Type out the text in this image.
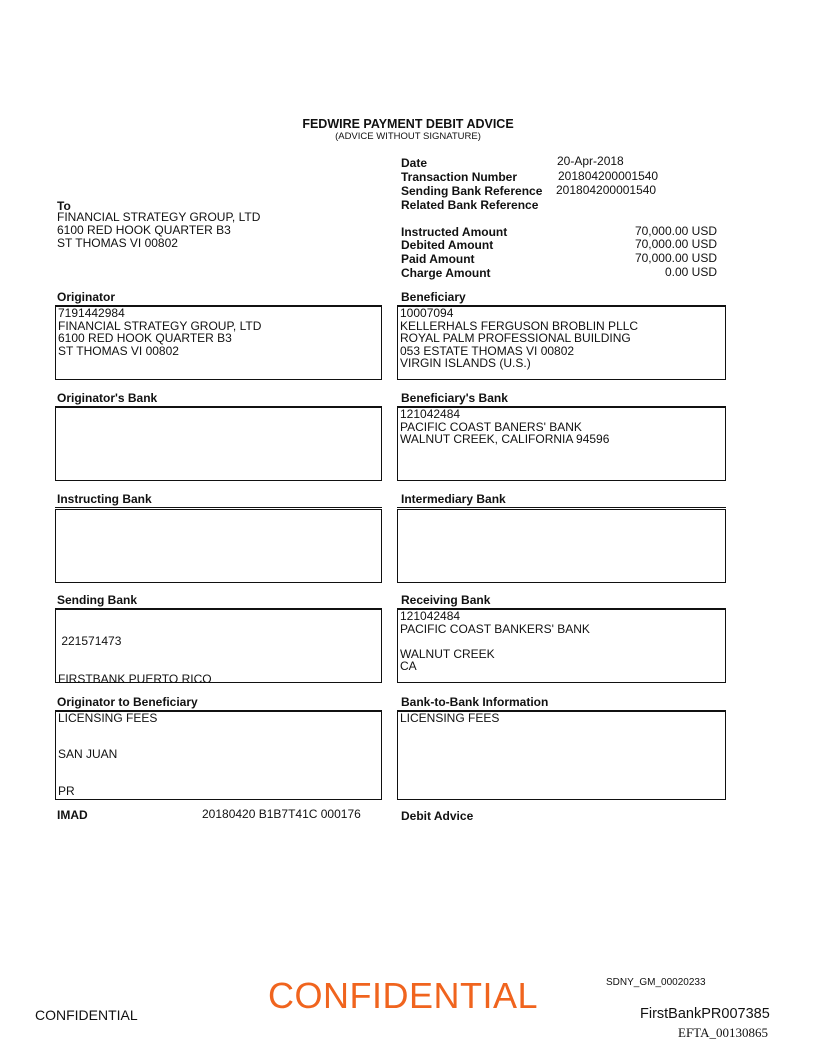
FEDWIRE PAYMENT DEBIT ADVICE
(ADVICE WITHOUT SIGNATURE)
To
FINANCIAL STRATEGY GROUP, LTD
6100 RED HOOK QUARTER B3
ST THOMAS VI 00802
Date	20-Apr-2018
Transaction Number	201804200001540
Sending Bank Reference 201804200001540
Related Bank Reference
Instructed Amount	70,000.00 USD
Debited Amount	70,000.00 USD
Paid Amount	70,000.00 USD
Charge Amount	0.00 USD
Originator
7191442984
FINANCIAL STRATEGY GROUP, LTD
6100 RED HOOK QUARTER B3
ST THOMAS VI 00802
Beneficiary
10007094
KELLERHALS FERGUSON BROBLIN PLLC
ROYAL PALM PROFESSIONAL BUILDING
053 ESTATE THOMAS VI 00802
VIRGIN ISLANDS (U.S.)
Originator's Bank	Beneficiary's Bank
121042484
PACIFIC COAST BANERS' BANK
WALNUT CREEK, CALIFORNIA 94596
Instructing Bank	Intermediary Bank
Sending Bank

221571473

FIRSTBANK PUERTO RICO

SAN JUAN

PR

Receiving Bank
121042484
PACIFIC COAST BANKERS' BANK
WALNUT CREEK
CA
Originator to Beneficiary
LICENSING FEES
Bank-to-Bank Information
LICENSING FEES
IMAD	20180420 B1B7T41C 000176	Debit Advice
CONFIDENTIAL	CONFIDENTIAL	SDNY_GM_00020233
FirstBankPR007385
EFTA_00130865
